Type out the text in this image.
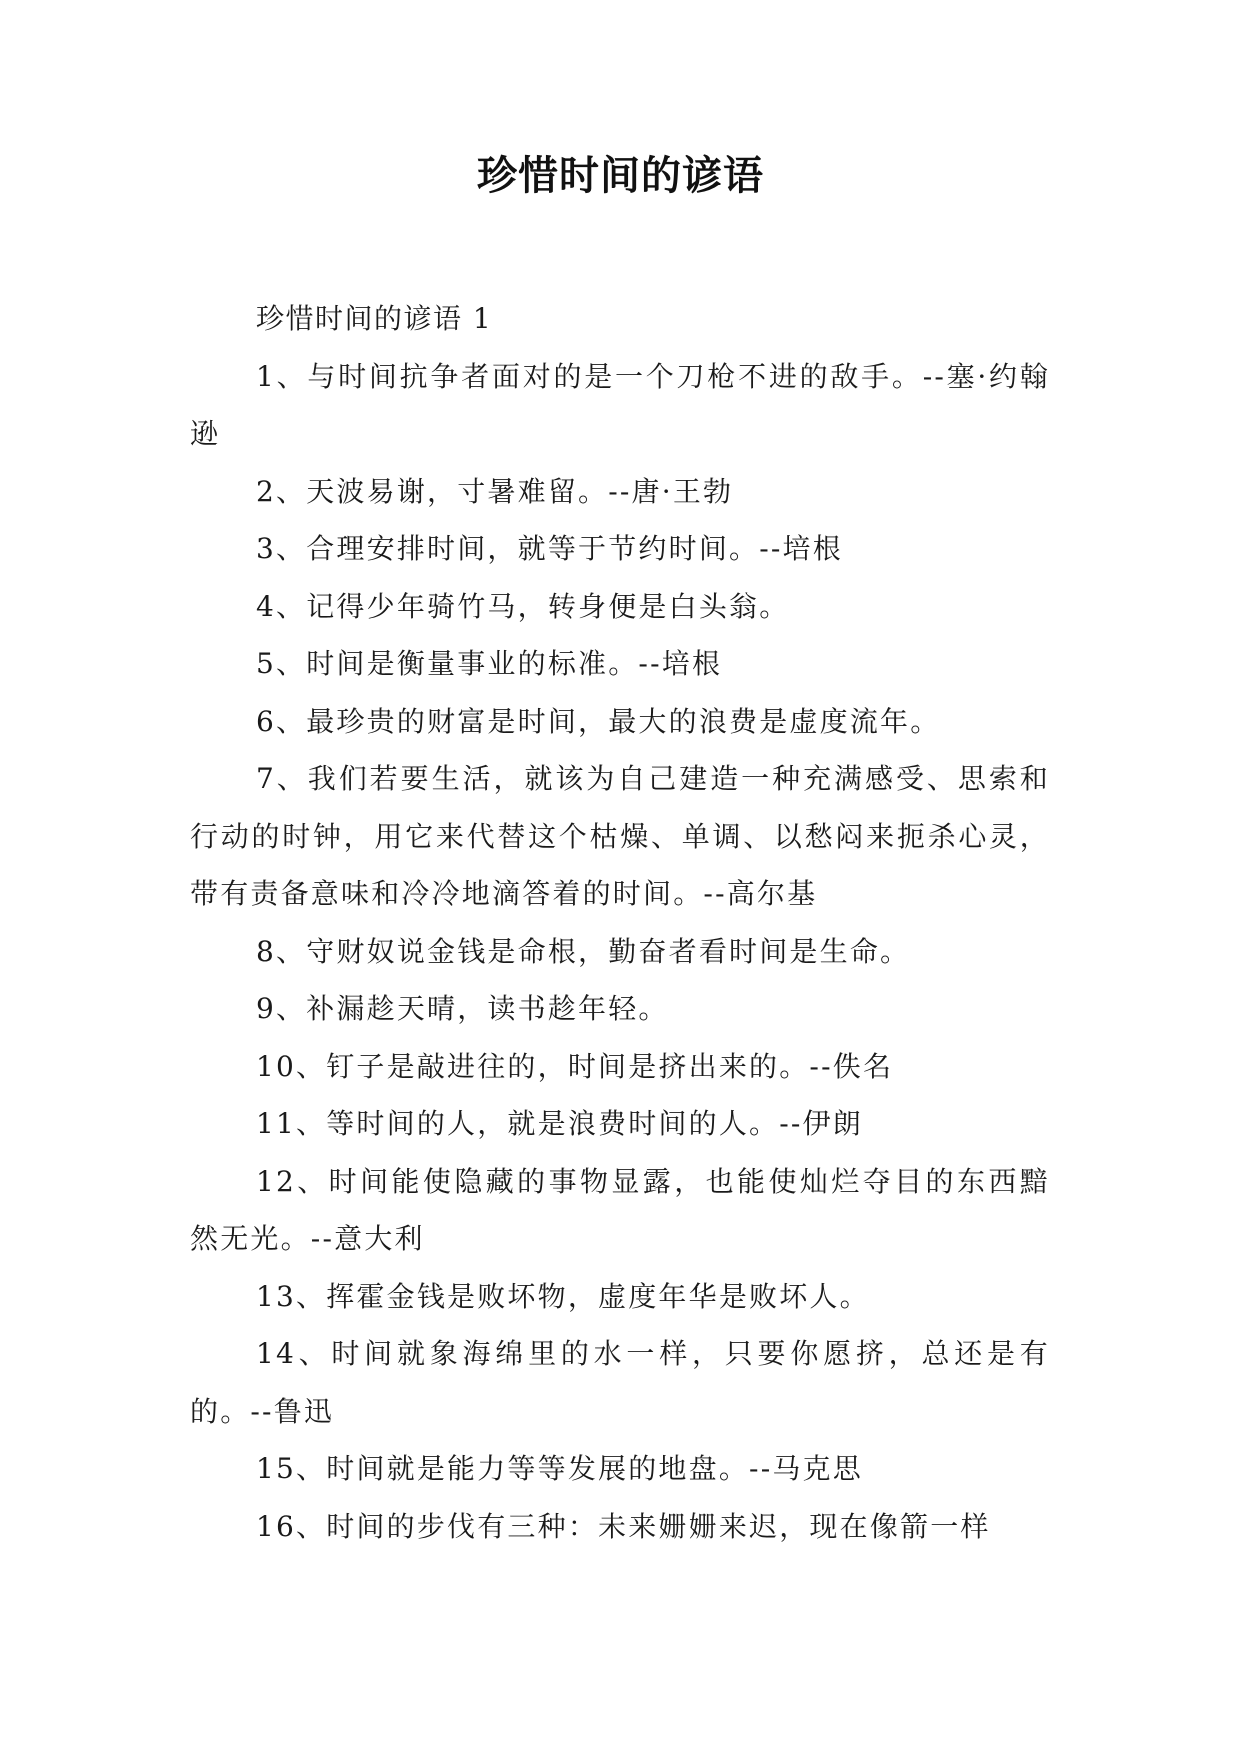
珍惜时间的谚语

珍惜时间的谚语 1

1、与时间抗争者面对的是一个刀枪不进的敌手。--塞·约翰逊

2、天波易谢，寸暑难留。--唐·王勃

3、合理安排时间，就等于节约时间。--培根

4、记得少年骑竹马，转身便是白头翁。

5、时间是衡量事业的标准。--培根

6、最珍贵的财富是时间，最大的浪费是虚度流年。

7、我们若要生活，就该为自己建造一种充满感受、思索和行动的时钟，用它来代替这个枯燥、单调、以愁闷来扼杀心灵，带有责备意味和冷冷地滴答着的时间。--高尔基

8、守财奴说金钱是命根，勤奋者看时间是生命。

9、补漏趁天晴，读书趁年轻。

10、钉子是敲进往的，时间是挤出来的。--佚名

11、等时间的人，就是浪费时间的人。--伊朗

12、时间能使隐藏的事物显露，也能使灿烂夺目的东西黯然无光。--意大利

13、挥霍金钱是败坏物，虚度年华是败坏人。

14、时间就象海绵里的水一样，只要你愿挤，总还是有的。--鲁迅

15、时间就是能力等等发展的地盘。--马克思

16、时间的步伐有三种：未来姗姗来迟，现在像箭一样
